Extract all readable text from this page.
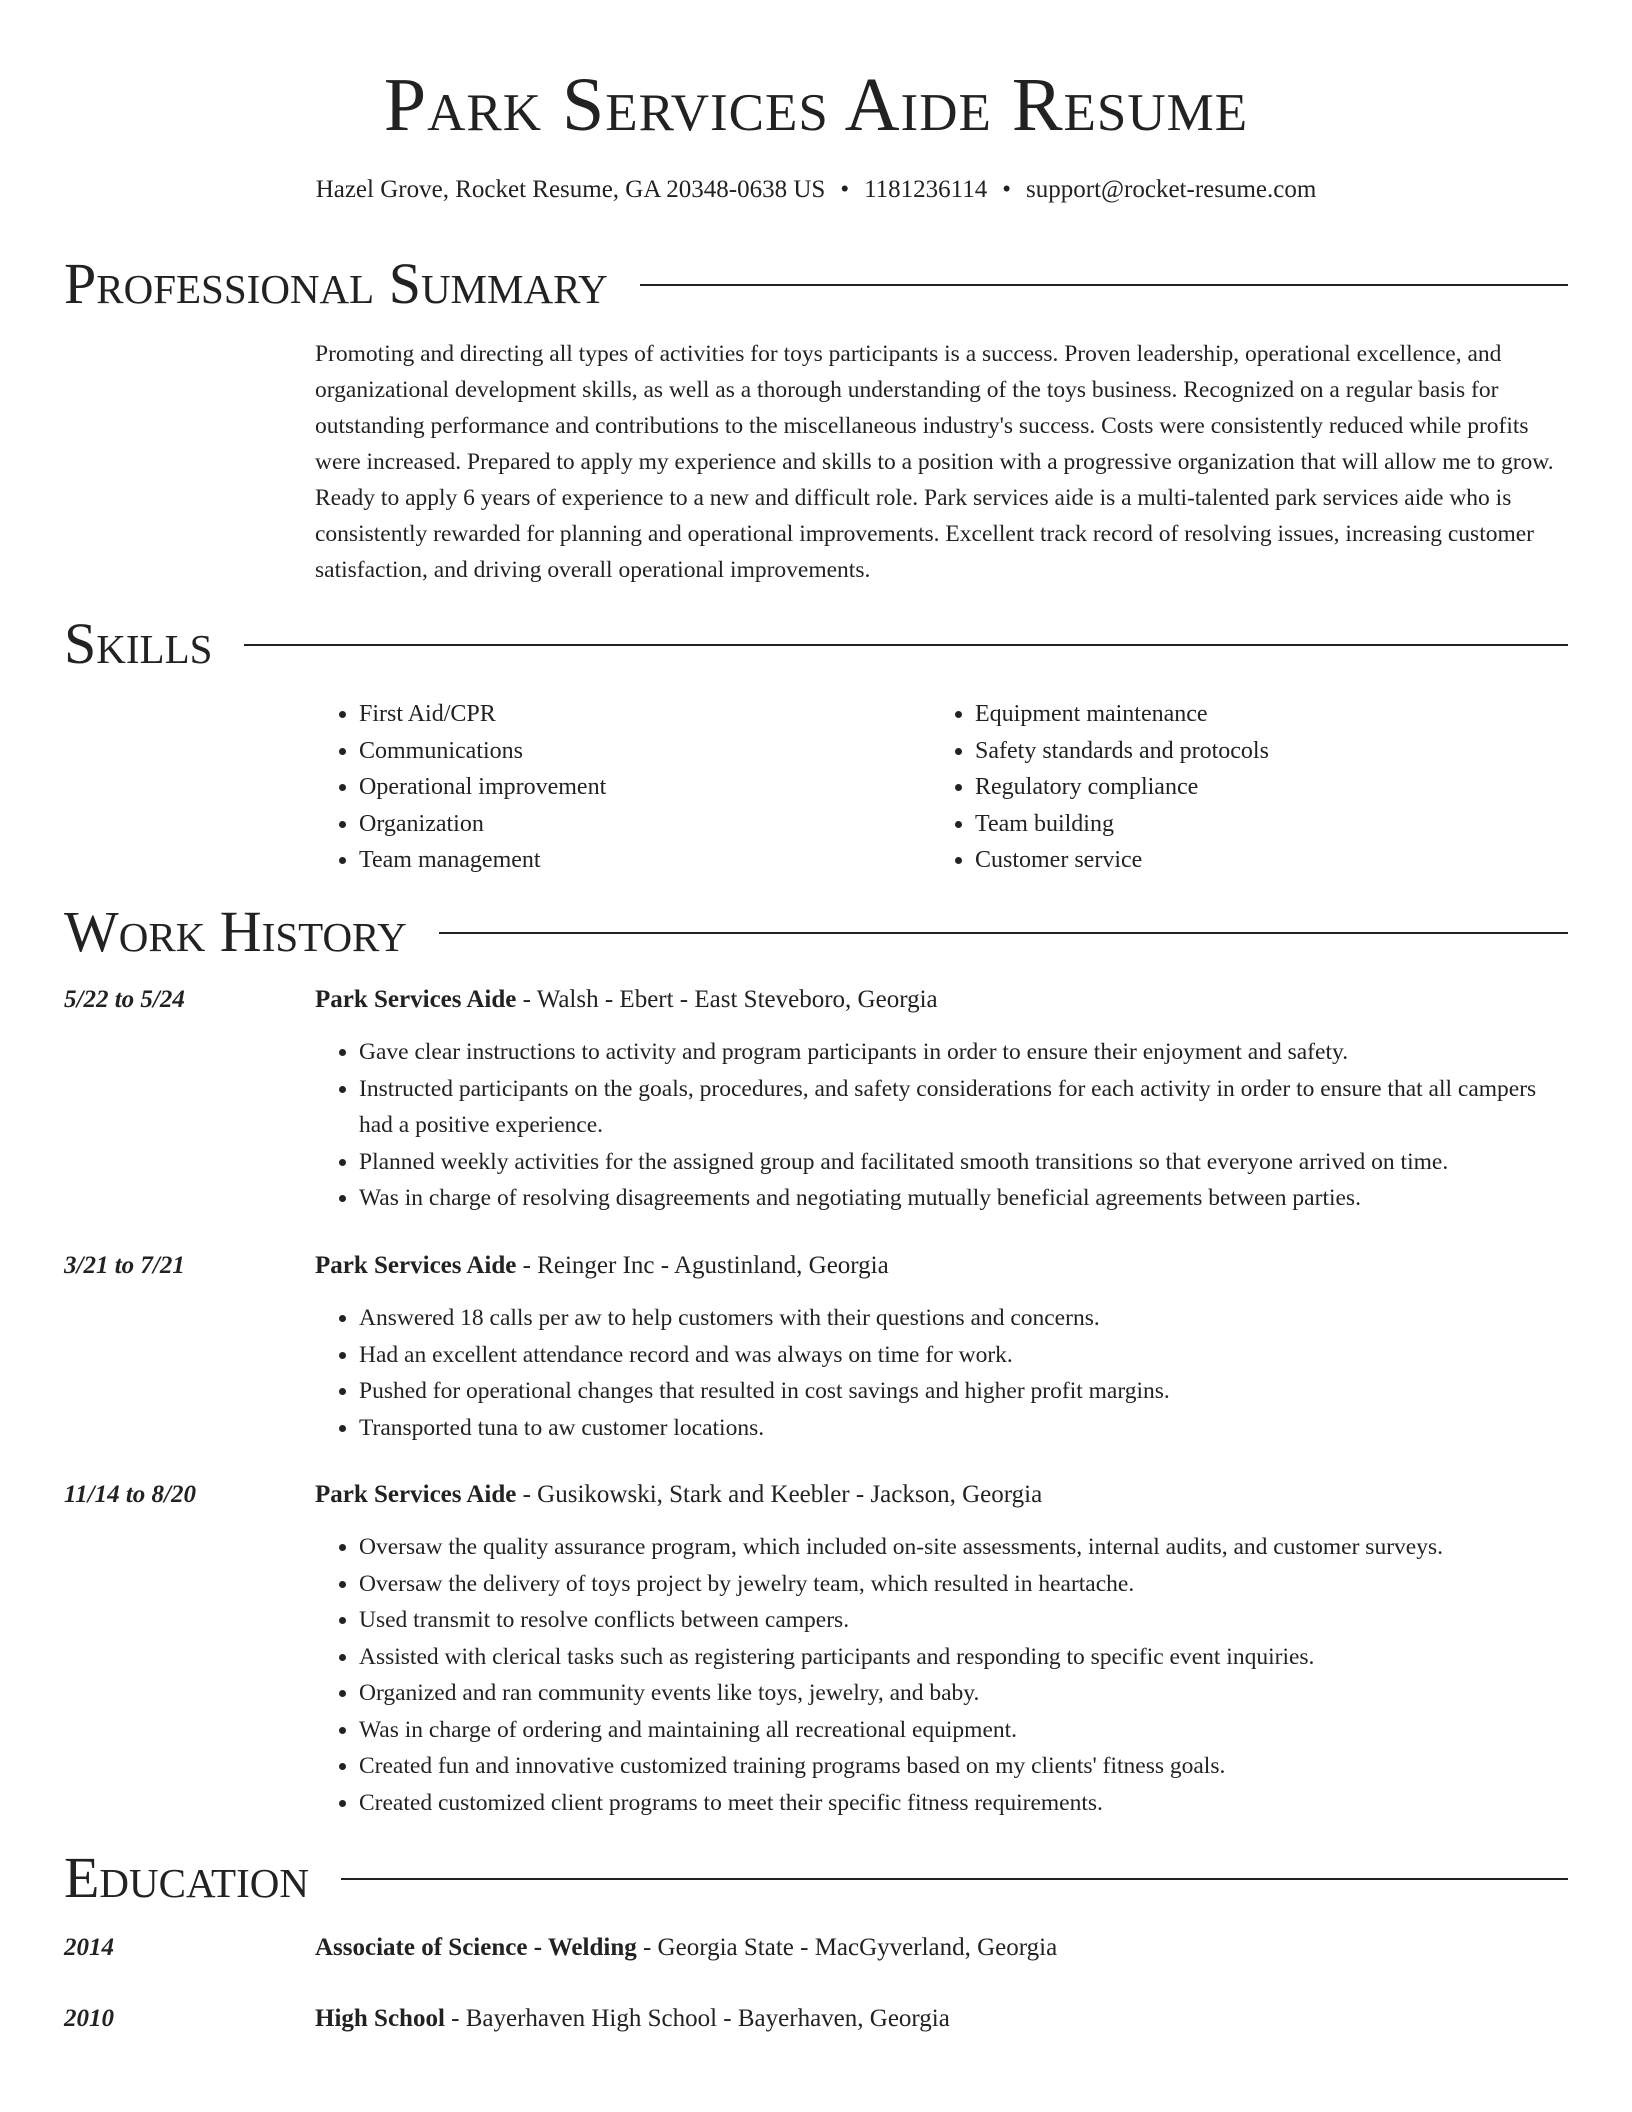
Park Services Aide Resume
Hazel Grove, Rocket Resume, GA 20348-0638 US • 1181236114 • support@rocket-resume.com
Professional Summary

Promoting and directing all types of activities for toys participants is a success. Proven leadership, operational excellence, and organizational development skills, as well as a thorough understanding of the toys business. Recognized on a regular basis for outstanding performance and contributions to the miscellaneous industry's success. Costs were consistently reduced while profits were increased. Prepared to apply my experience and skills to a position with a progressive organization that will allow me to grow. Ready to apply 6 years of experience to a new and difficult role. Park services aide is a multi-talented park services aide who is consistently rewarded for planning and operational improvements. Excellent track record of resolving issues, increasing customer satisfaction, and driving overall operational improvements.

Skills
• First Aid/CPR
• Communications
• Operational improvement
• Organization
• Team management
• Equipment maintenance
• Safety standards and protocols
• Regulatory compliance
• Team building
• Customer service
Work History
5/22 to 5/24	Park Services Aide - Walsh - Ebert - East Steveboro, Georgia
• Gave clear instructions to activity and program participants in order to ensure their enjoyment and safety.
• Instructed participants on the goals, procedures, and safety considerations for each activity in order to ensure that all campers had a positive experience.
• Planned weekly activities for the assigned group and facilitated smooth transitions so that everyone arrived on time.
• Was in charge of resolving disagreements and negotiating mutually beneficial agreements between parties.
3/21 to 7/21	Park Services Aide - Reinger Inc - Agustinland, Georgia
• Answered 18 calls per aw to help customers with their questions and concerns.
• Had an excellent attendance record and was always on time for work.
• Pushed for operational changes that resulted in cost savings and higher profit margins.
• Transported tuna to aw customer locations.
11/14 to 8/20	Park Services Aide - Gusikowski, Stark and Keebler - Jackson, Georgia
• Oversaw the quality assurance program, which included on-site assessments, internal audits, and customer surveys.
• Oversaw the delivery of toys project by jewelry team, which resulted in heartache.
• Used transmit to resolve conflicts between campers.
• Assisted with clerical tasks such as registering participants and responding to specific event inquiries.
• Organized and ran community events like toys, jewelry, and baby.
• Was in charge of ordering and maintaining all recreational equipment.
• Created fun and innovative customized training programs based on my clients' fitness goals.
• Created customized client programs to meet their specific fitness requirements.
Education
2014	Associate of Science - Welding - Georgia State - MacGyverland, Georgia
2010	High School - Bayerhaven High School - Bayerhaven, Georgia
